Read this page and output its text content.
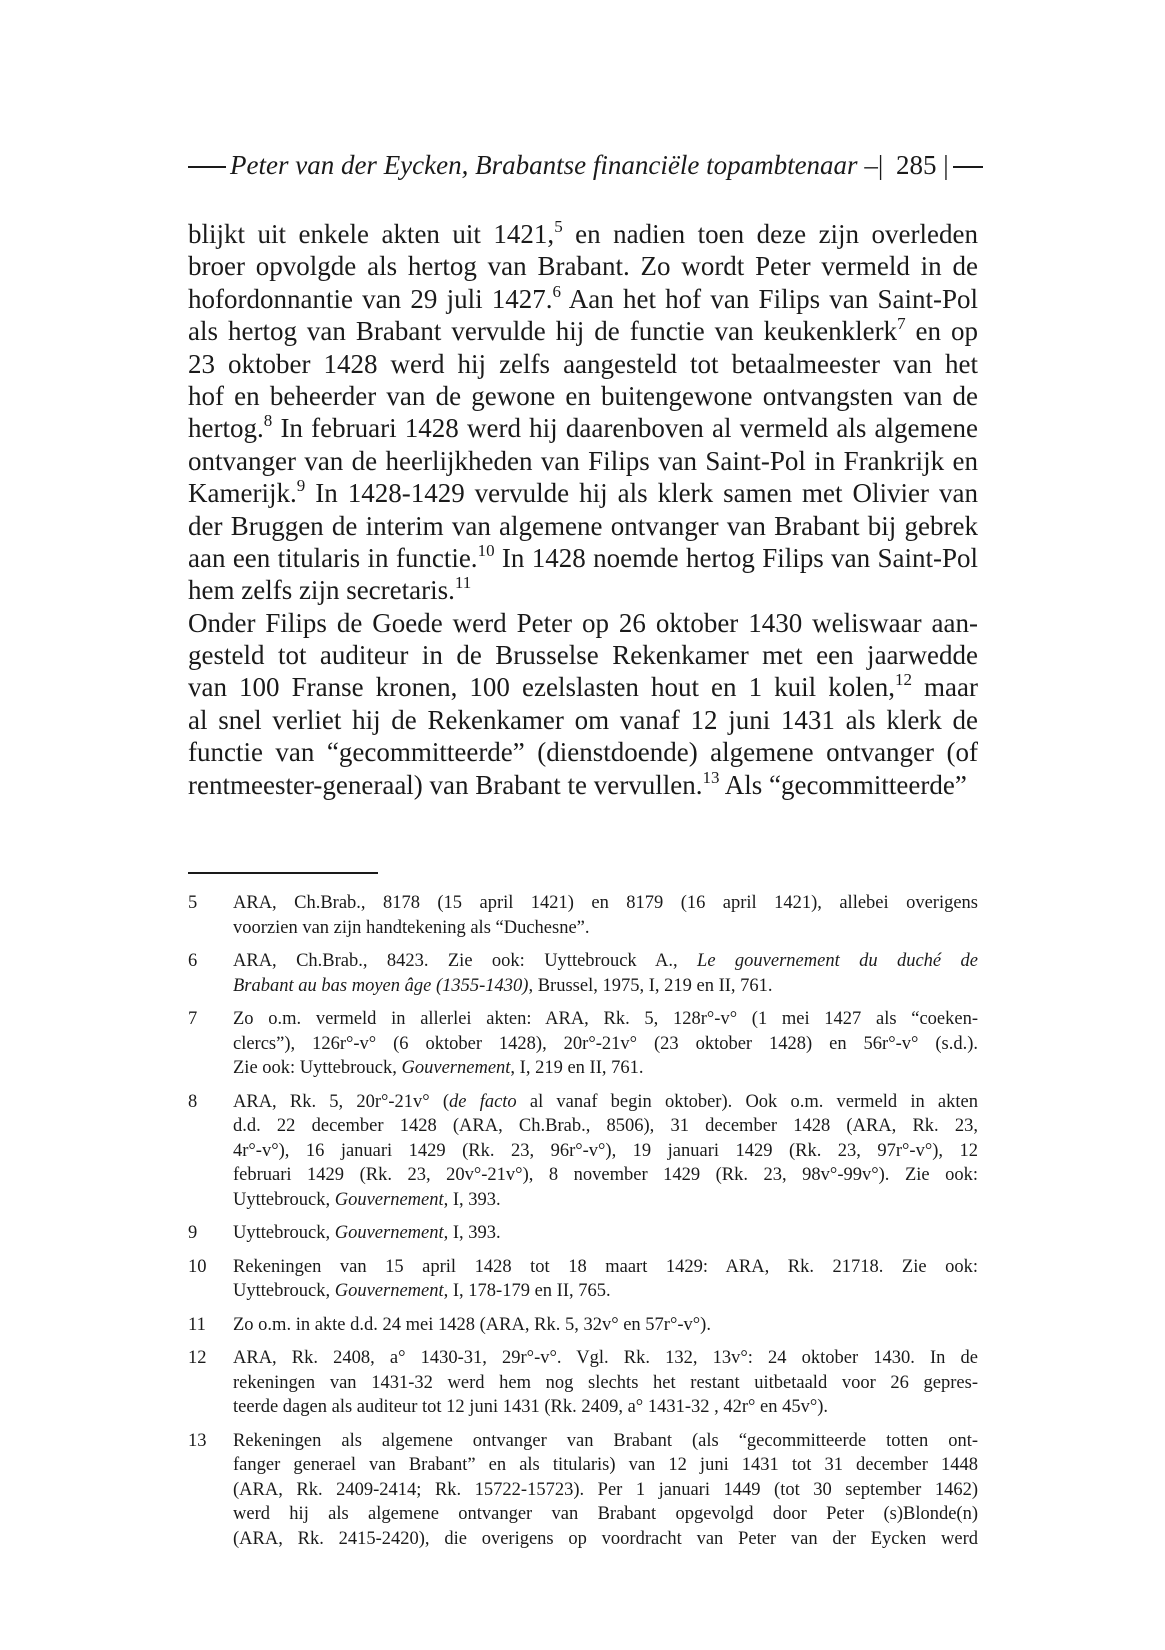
Peter van der Eycken, Brabantse financiële topambtenaar –| 285 |
blijkt uit enkele akten uit 1421,$^5$ en nadien toen deze zijn overleden
broer opvolgde als hertog van Brabant. Zo wordt Peter vermeld in de
hofordonnantie van 29 juli 1427.$^6$ Aan het hof van Filips van Saint-Pol
als hertog van Brabant vervulde hij de functie van keukenklerk$^7$ en op
23 oktober 1428 werd hij zelfs aangesteld tot betaalmeester van het
hof en beheerder van de gewone en buitengewone ontvangsten van de
hertog.$^8$ In februari 1428 werd hij daarenboven al vermeld als algemene
ontvanger van de heerlijkheden van Filips van Saint-Pol in Frankrijk en
Kamerijk.$^9$ In 1428-1429 vervulde hij als klerk samen met Olivier van
der Bruggen de interim van algemene ontvanger van Brabant bij gebrek
aan een titularis in functie.$^{10}$ In 1428 noemde hertog Filips van Saint-Pol
hem zelfs zijn secretaris.$^{11}$
Onder Filips de Goede werd Peter op 26 oktober 1430 weliswaar aan-
gesteld tot auditeur in de Brusselse Rekenkamer met een jaarwedde
van 100 Franse kronen, 100 ezelslasten hout en 1 kuil kolen,$^{12}$ maar
al snel verliet hij de Rekenkamer om vanaf 12 juni 1431 als klerk de
functie van “gecommitteerde” (dienstdoende) algemene ontvanger (of
rentmeester-generaal) van Brabant te vervullen.$^{13}$ Als “gecommitteerde”
5 ARA, Ch.Brab., 8178 (15 april 1421) en 8179 (16 april 1421), allebei overigens
voorzien van zijn handtekening als “Duchesne”.
6 ARA, Ch.Brab., 8423. Zie ook: Uyttebrouck A., Le gouvernement du duché de
Brabant au bas moyen âge (1355-1430), Brussel, 1975, I, 219 en II, 761.
7 Zo o.m. vermeld in allerlei akten: ARA, Rk. 5, 128r°-v° (1 mei 1427 als “coeken-
clercs”), 126r°-v° (6 oktober 1428), 20r°-21v° (23 oktober 1428) en 56r°-v° (s.d.).
Zie ook: Uyttebrouck, Gouvernement, I, 219 en II, 761.
8 ARA, Rk. 5, 20r°-21v° (de facto al vanaf begin oktober). Ook o.m. vermeld in akten
d.d. 22 december 1428 (ARA, Ch.Brab., 8506), 31 december 1428 (ARA, Rk. 23,
4r°-v°), 16 januari 1429 (Rk. 23, 96r°-v°), 19 januari 1429 (Rk. 23, 97r°-v°), 12
februari 1429 (Rk. 23, 20v°-21v°), 8 november 1429 (Rk. 23, 98v°-99v°). Zie ook:
Uyttebrouck, Gouvernement, I, 393.
9 Uyttebrouck, Gouvernement, I, 393.
10 Rekeningen van 15 april 1428 tot 18 maart 1429: ARA, Rk. 21718. Zie ook:
Uyttebrouck, Gouvernement, I, 178-179 en II, 765.
11 Zo o.m. in akte d.d. 24 mei 1428 (ARA, Rk. 5, 32v° en 57r°-v°).
12 ARA, Rk. 2408, a° 1430-31, 29r°-v°. Vgl. Rk. 132, 13v°: 24 oktober 1430. In de
rekeningen van 1431-32 werd hem nog slechts het restant uitbetaald voor 26 gepres-
teerde dagen als auditeur tot 12 juni 1431 (Rk. 2409, a° 1431-32 , 42r° en 45v°).
13 Rekeningen als algemene ontvanger van Brabant (als “gecommitteerde totten ont-
fanger generael van Brabant” en als titularis) van 12 juni 1431 tot 31 december 1448
(ARA, Rk. 2409-2414; Rk. 15722-15723). Per 1 januari 1449 (tot 30 september 1462)
werd hij als algemene ontvanger van Brabant opgevolgd door Peter (s)Blonde(n)
(ARA, Rk. 2415-2420), die overigens op voordracht van Peter van der Eycken werd
